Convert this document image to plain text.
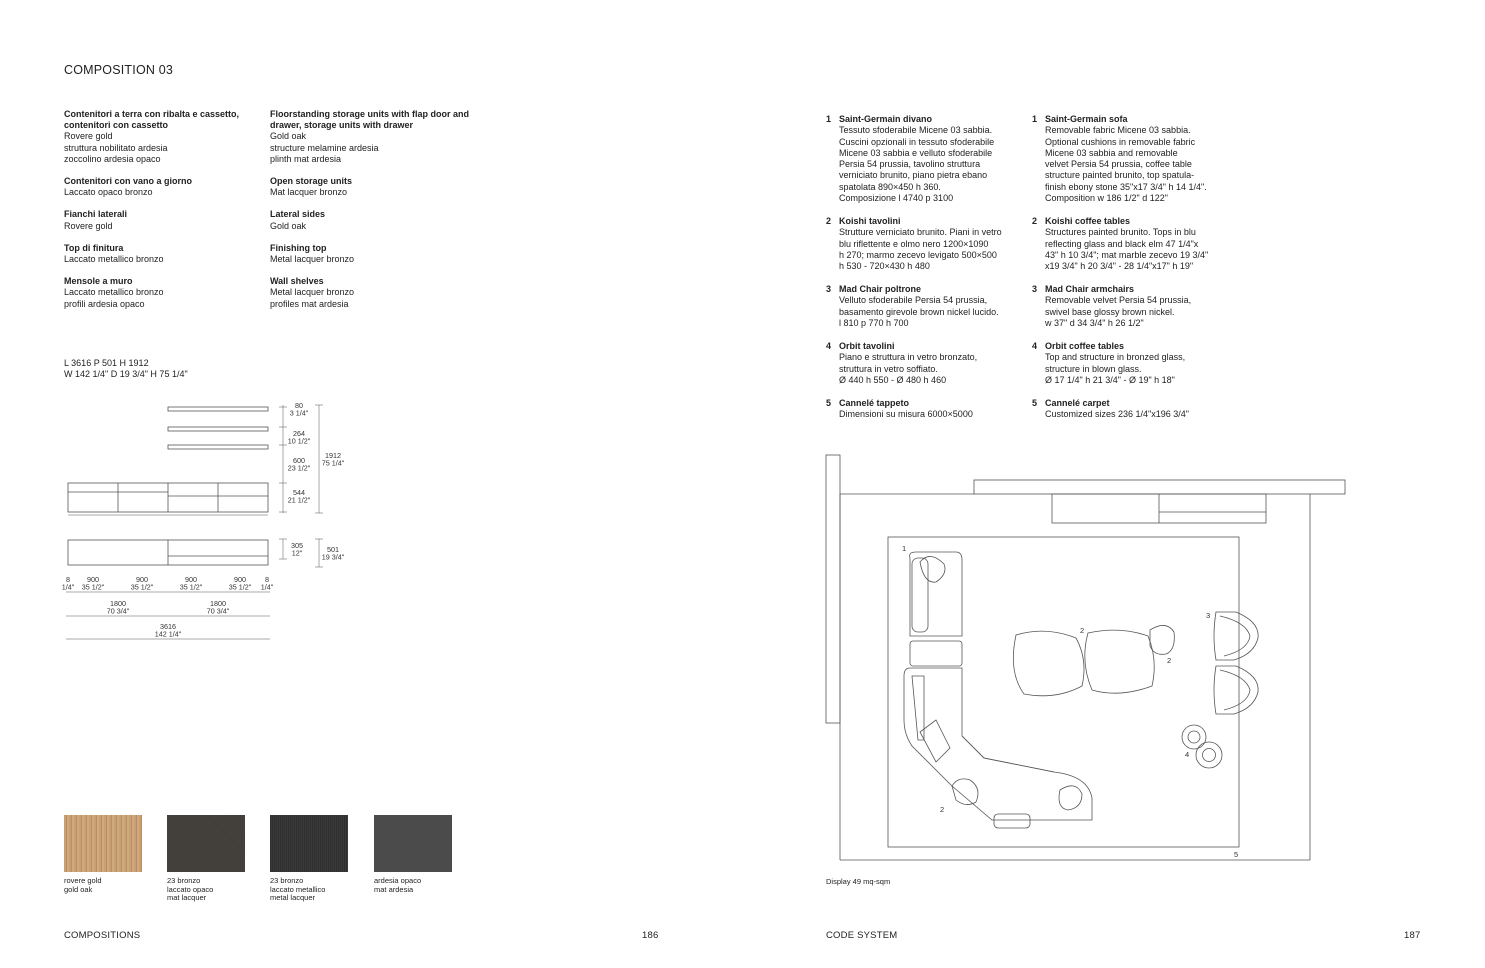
COMPOSITION 03
Contenitori a terra con ribalta e cassetto, contenitori con cassetto
Rovere gold
struttura nobilitato ardesia
zoccolino ardesia opaco
Contenitori con vano a giorno
Laccato opaco bronzo
Fianchi laterali
Rovere gold
Top di finitura
Laccato metallico bronzo
Mensole a muro
Laccato metallico bronzo
profili ardesia opaco
Floorstanding storage units with flap door and drawer, storage units with drawer
Gold oak
structure melamine ardesia
plinth mat ardesia
Open storage units
Mat lacquer bronzo
Lateral sides
Gold oak
Finishing top
Metal lacquer bronzo
Wall shelves
Metal lacquer bronzo
profiles mat ardesia
L 3616 P 501 H 1912
W 142 1/4" D 19 3/4" H 75 1/4"
80
3 1/4"
264
10 1/2"
600
23 1/2"
544
21 1/2"
1912
75 1/4"
305
12"	501
19 3/4"
8
1/4"
900
35 1/2"
900
35 1/2"
900
35 1/2"
900
35 1/2"
8
1/4"
1800
70 3/4"
1800
70 3/4"
3616
142 1/4"
rovere gold
gold oak
23 bronzo
laccato opaco
mat lacquer
23 bronzo
laccato metallico
metal lacquer
ardesia opaco
mat ardesia
COMPOSITIONS	186
1 Saint-Germain divano
Tessuto sfoderabile Micene 03 sabbia.
Cuscini opzionali in tessuto sfoderabile
Micene 03 sabbia e velluto sfoderabile
Persia 54 prussia, tavolino struttura
verniciato brunito, piano pietra ebano
spatolata 890×450 h 360.
Composizione l 4740 p 3100
2 Koishi tavolini
Strutture verniciato brunito. Piani in vetro
blu riflettente e olmo nero 1200×1090
h 270; marmo zecevo levigato 500×500
h 530 - 720×430 h 480
3 Mad Chair poltrone
Velluto sfoderabile Persia 54 prussia,
basamento girevole brown nickel lucido.
l 810 p 770 h 700
4 Orbit tavolini
Piano e struttura in vetro bronzato,
struttura in vetro soffiato.
Ø 440 h 550 - Ø 480 h 460
5 Cannelé tappeto
Dimensioni su misura 6000×5000
1 Saint-Germain sofa
Removable fabric Micene 03 sabbia.
Optional cushions in removable fabric
Micene 03 sabbia and removable
velvet Persia 54 prussia, coffee table
structure painted brunito, top spatula-
finish ebony stone 35"x17 3/4" h 14 1/4".
Composition w 186 1/2" d 122"
2 Koishi coffee tables
Structures painted brunito. Tops in blu
reflecting glass and black elm 47 1/4"x
43" h 10 3/4"; mat marble zecevo 19 3/4"
x19 3/4" h 20 3/4" - 28 1/4"x17" h 19"
3 Mad Chair armchairs
Removable velvet Persia 54 prussia,
swivel base glossy brown nickel.
w 37" d 34 3/4" h 26 1/2"
4 Orbit coffee tables
Top and structure in bronzed glass,
structure in blown glass.
Ø 17 1/4" h 21 3/4" - Ø 19" h 18"
5 Cannelé carpet
Customized sizes 236 1/4"x196 3/4"
1
2
2
2
3
4
5
Display 49 mq-sqm
CODE SYSTEM	187
